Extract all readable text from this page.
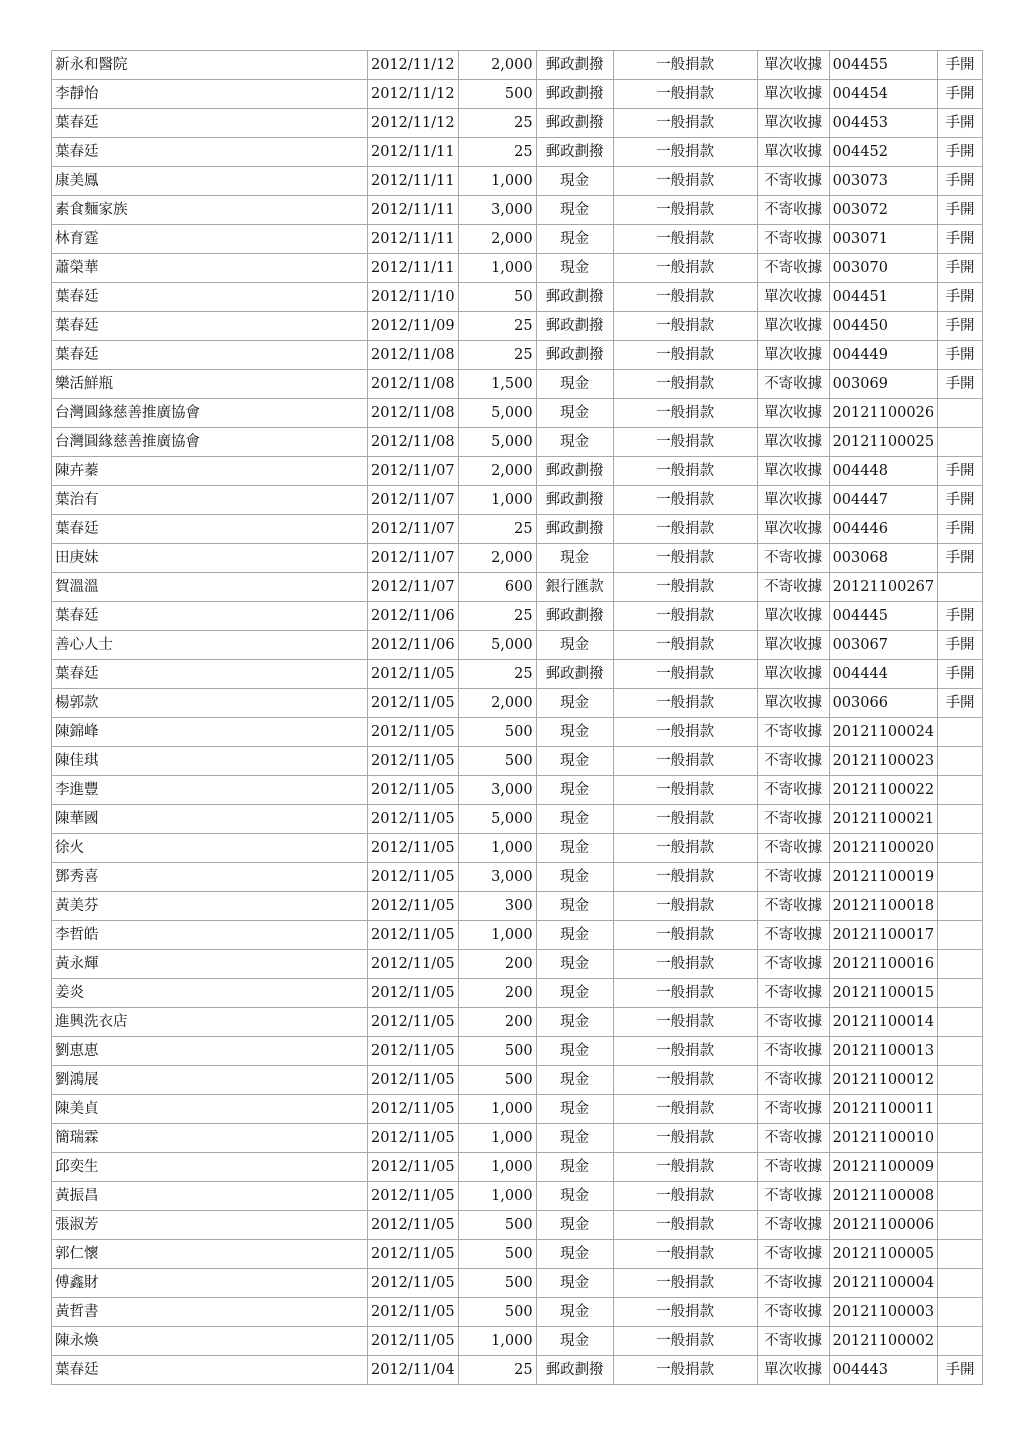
新永和醫院	2012/11/12	2,000	郵政劃撥	一般捐款	單次收據	004455	手開
李靜怡	2012/11/12	500	郵政劃撥	一般捐款	單次收據	004454	手開
葉春廷	2012/11/12	25	郵政劃撥	一般捐款	單次收據	004453	手開
葉春廷	2012/11/11	25	郵政劃撥	一般捐款	單次收據	004452	手開
康美鳳	2012/11/11	1,000	現金	一般捐款	不寄收據	003073	手開
素食麵家族	2012/11/11	3,000	現金	一般捐款	不寄收據	003072	手開
林育霆	2012/11/11	2,000	現金	一般捐款	不寄收據	003071	手開
蕭榮華	2012/11/11	1,000	現金	一般捐款	不寄收據	003070	手開
葉春廷	2012/11/10	50	郵政劃撥	一般捐款	單次收據	004451	手開
葉春廷	2012/11/09	25	郵政劃撥	一般捐款	單次收據	004450	手開
葉春廷	2012/11/08	25	郵政劃撥	一般捐款	單次收據	004449	手開
樂活鮮瓶	2012/11/08	1,500	現金	一般捐款	不寄收據	003069	手開
台灣圓緣慈善推廣協會	2012/11/08	5,000	現金	一般捐款	單次收據	20121100026	
台灣圓緣慈善推廣協會	2012/11/08	5,000	現金	一般捐款	單次收據	20121100025	
陳卉蓁	2012/11/07	2,000	郵政劃撥	一般捐款	單次收據	004448	手開
葉治有	2012/11/07	1,000	郵政劃撥	一般捐款	單次收據	004447	手開
葉春廷	2012/11/07	25	郵政劃撥	一般捐款	單次收據	004446	手開
田庚妹	2012/11/07	2,000	現金	一般捐款	不寄收據	003068	手開
賀溫溫	2012/11/07	600	銀行匯款	一般捐款	不寄收據	20121100267	
葉春廷	2012/11/06	25	郵政劃撥	一般捐款	單次收據	004445	手開
善心人士	2012/11/06	5,000	現金	一般捐款	單次收據	003067	手開
葉春廷	2012/11/05	25	郵政劃撥	一般捐款	單次收據	004444	手開
楊郭款	2012/11/05	2,000	現金	一般捐款	單次收據	003066	手開
陳錦峰	2012/11/05	500	現金	一般捐款	不寄收據	20121100024	
陳佳琪	2012/11/05	500	現金	一般捐款	不寄收據	20121100023	
李進豐	2012/11/05	3,000	現金	一般捐款	不寄收據	20121100022	
陳華國	2012/11/05	5,000	現金	一般捐款	不寄收據	20121100021	
徐火	2012/11/05	1,000	現金	一般捐款	不寄收據	20121100020	
鄧秀喜	2012/11/05	3,000	現金	一般捐款	不寄收據	20121100019	
黃美芬	2012/11/05	300	現金	一般捐款	不寄收據	20121100018	
李哲皓	2012/11/05	1,000	現金	一般捐款	不寄收據	20121100017	
黃永輝	2012/11/05	200	現金	一般捐款	不寄收據	20121100016	
姜炎	2012/11/05	200	現金	一般捐款	不寄收據	20121100015	
進興洗衣店	2012/11/05	200	現金	一般捐款	不寄收據	20121100014	
劉恵恵	2012/11/05	500	現金	一般捐款	不寄收據	20121100013	
劉鴻展	2012/11/05	500	現金	一般捐款	不寄收據	20121100012	
陳美貞	2012/11/05	1,000	現金	一般捐款	不寄收據	20121100011	
簡瑞霖	2012/11/05	1,000	現金	一般捐款	不寄收據	20121100010	
邱奕生	2012/11/05	1,000	現金	一般捐款	不寄收據	20121100009	
黃振昌	2012/11/05	1,000	現金	一般捐款	不寄收據	20121100008	
張淑芳	2012/11/05	500	現金	一般捐款	不寄收據	20121100006	
郭仁懷	2012/11/05	500	現金	一般捐款	不寄收據	20121100005	
傅鑫財	2012/11/05	500	現金	一般捐款	不寄收據	20121100004	
黃哲書	2012/11/05	500	現金	一般捐款	不寄收據	20121100003	
陳永煥	2012/11/05	1,000	現金	一般捐款	不寄收據	20121100002	
葉春廷	2012/11/04	25	郵政劃撥	一般捐款	單次收據	004443	手開
